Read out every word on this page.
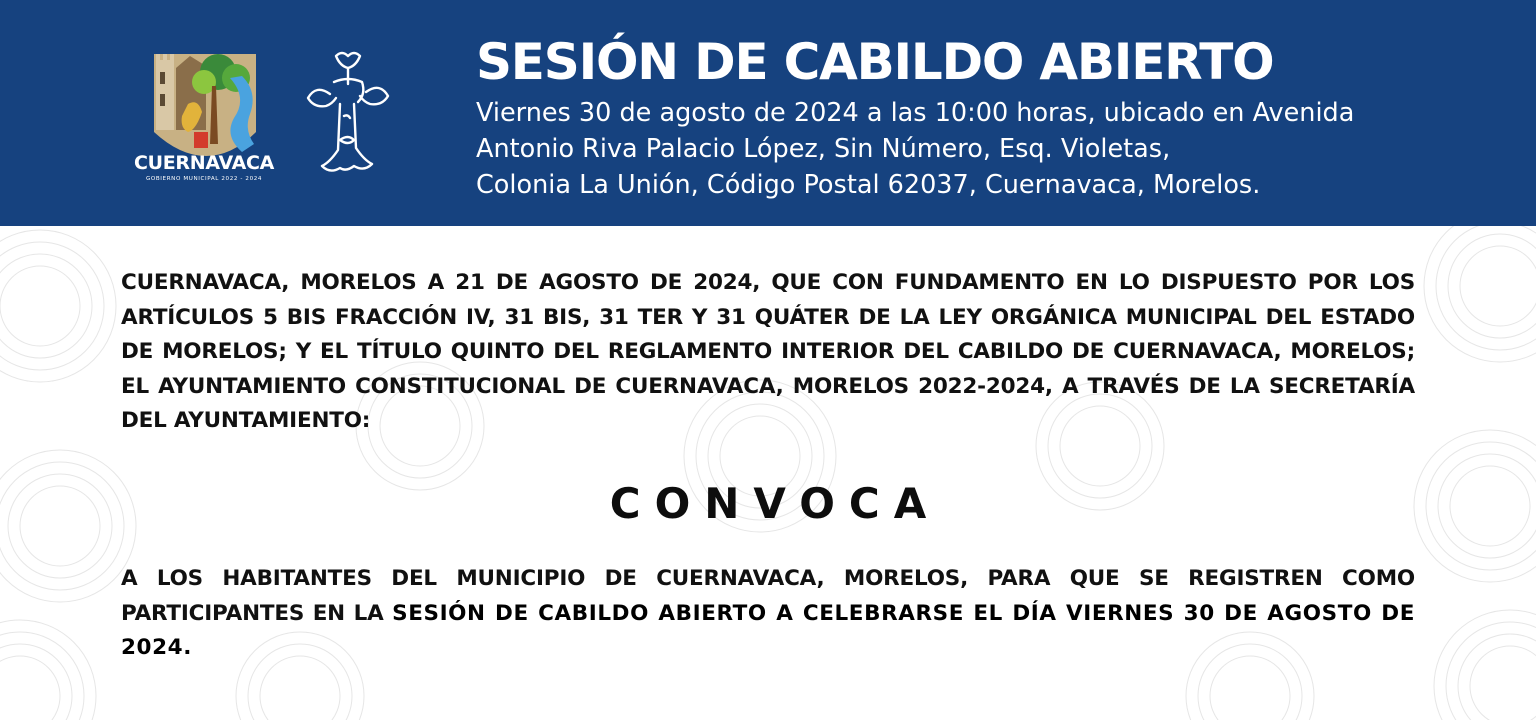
CUERNAVACA
GOBIERNO MUNICIPAL 2022 - 2024
SESIÓN DE CABILDO ABIERTO
Viernes 30 de agosto de 2024 a las 10:00 horas, ubicado en Avenida
Antonio Riva Palacio López, Sin Número, Esq. Violetas,
Colonia La Unión, Código Postal 62037, Cuernavaca, Morelos.

CUERNAVACA, MORELOS A 21 DE AGOSTO DE 2024, QUE CON FUNDAMENTO EN LO DISPUESTO POR LOS ARTÍCULOS 5 BIS FRACCIÓN IV, 31 BIS, 31 TER Y 31 QUÁTER DE LA LEY ORGÁNICA MUNICIPAL DEL ESTADO DE MORELOS; Y EL TÍTULO QUINTO DEL REGLAMENTO INTERIOR DEL CABILDO DE CUERNAVACA, MORELOS; EL AYUNTAMIENTO CONSTITUCIONAL DE CUERNAVACA, MORELOS 2022-2024, A TRAVÉS DE LA SECRETARÍA DEL AYUNTAMIENTO:

CONVOCA

A LOS HABITANTES DEL MUNICIPIO DE CUERNAVACA, MORELOS, PARA QUE SE REGISTREN COMO PARTICIPANTES EN LA SESIÓN DE CABILDO ABIERTO A CELEBRARSE EL DÍA VIERNES 30 DE AGOSTO DE 2024.
